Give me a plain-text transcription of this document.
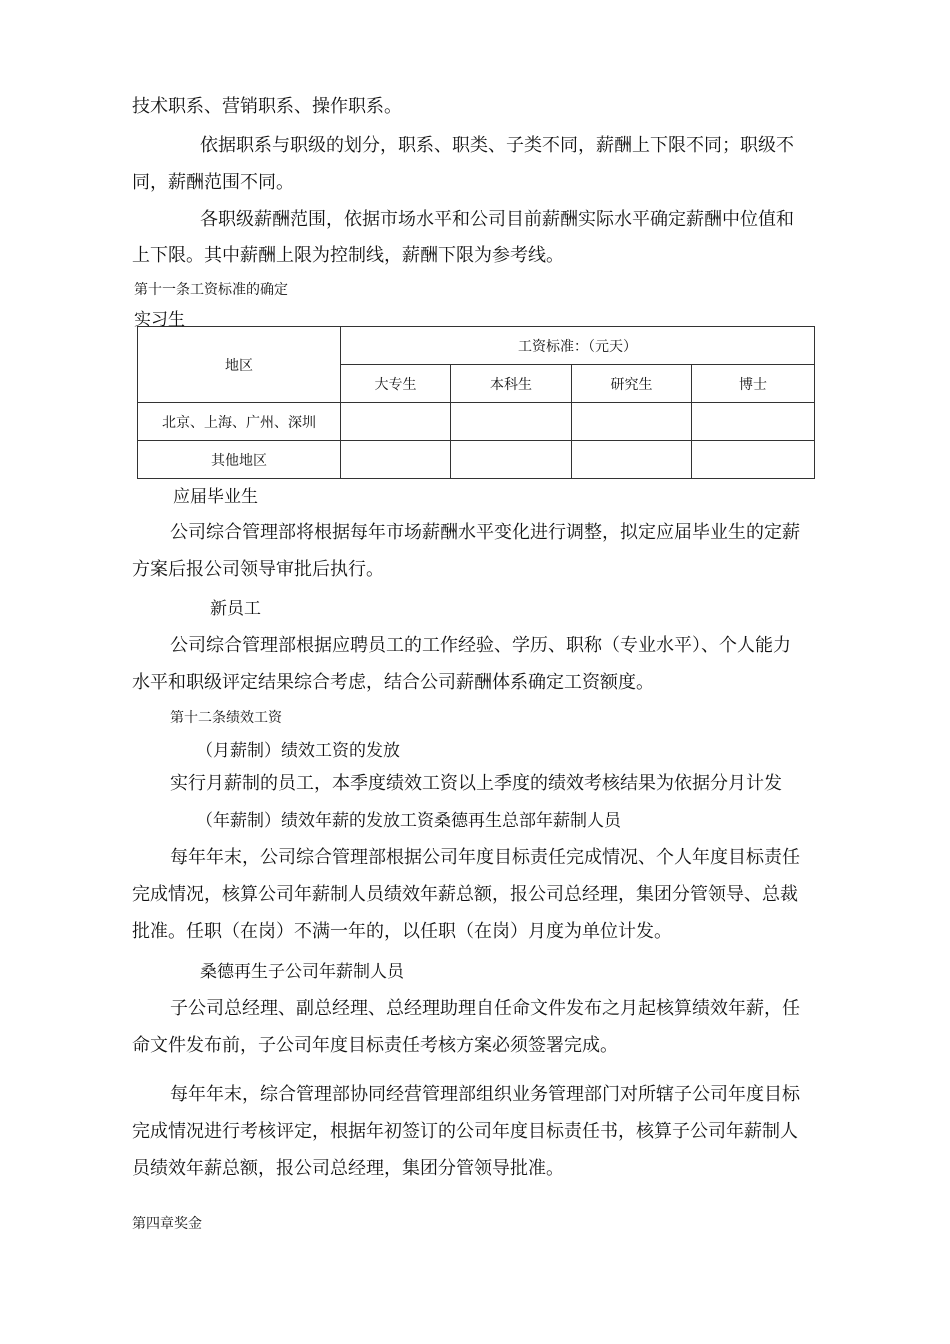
技术职系、营销职系、操作职系。

依据职系与职级的划分，职系、职类、子类不同，薪酬上下限不同；职级不

同，薪酬范围不同。

各职级薪酬范围，依据市场水平和公司目前薪酬实际水平确定薪酬中位值和

上下限。其中薪酬上限为控制线，薪酬下限为参考线。

第十一条工资标准的确定

实习生

地区	工资标准：（元天）			
	大专生	本科生	研究生	博士
北京、上海、广州、深圳				
其他地区				

应届毕业生

公司综合管理部将根据每年市场薪酬水平变化进行调整，拟定应届毕业生的定薪

方案后报公司领导审批后执行。

新员工

公司综合管理部根据应聘员工的工作经验、学历、职称（专业水平）、个人能力

水平和职级评定结果综合考虑，结合公司薪酬体系确定工资额度。

第十二条绩效工资

（月薪制）绩效工资的发放

实行月薪制的员工，本季度绩效工资以上季度的绩效考核结果为依据分月计发

（年薪制）绩效年薪的发放工资桑德再生总部年薪制人员

每年年末，公司综合管理部根据公司年度目标责任完成情况、个人年度目标责任

完成情况，核算公司年薪制人员绩效年薪总额，报公司总经理，集团分管领导、总裁

批准。任职（在岗）不满一年的，以任职（在岗）月度为单位计发。

桑德再生子公司年薪制人员

子公司总经理、副总经理、总经理助理自任命文件发布之月起核算绩效年薪，任

命文件发布前，子公司年度目标责任考核方案必须签署完成。

每年年末，综合管理部协同经营管理部组织业务管理部门对所辖子公司年度目标

完成情况进行考核评定，根据年初签订的公司年度目标责任书，核算子公司年薪制人

员绩效年薪总额，报公司总经理，集团分管领导批准。

第四章奖金
